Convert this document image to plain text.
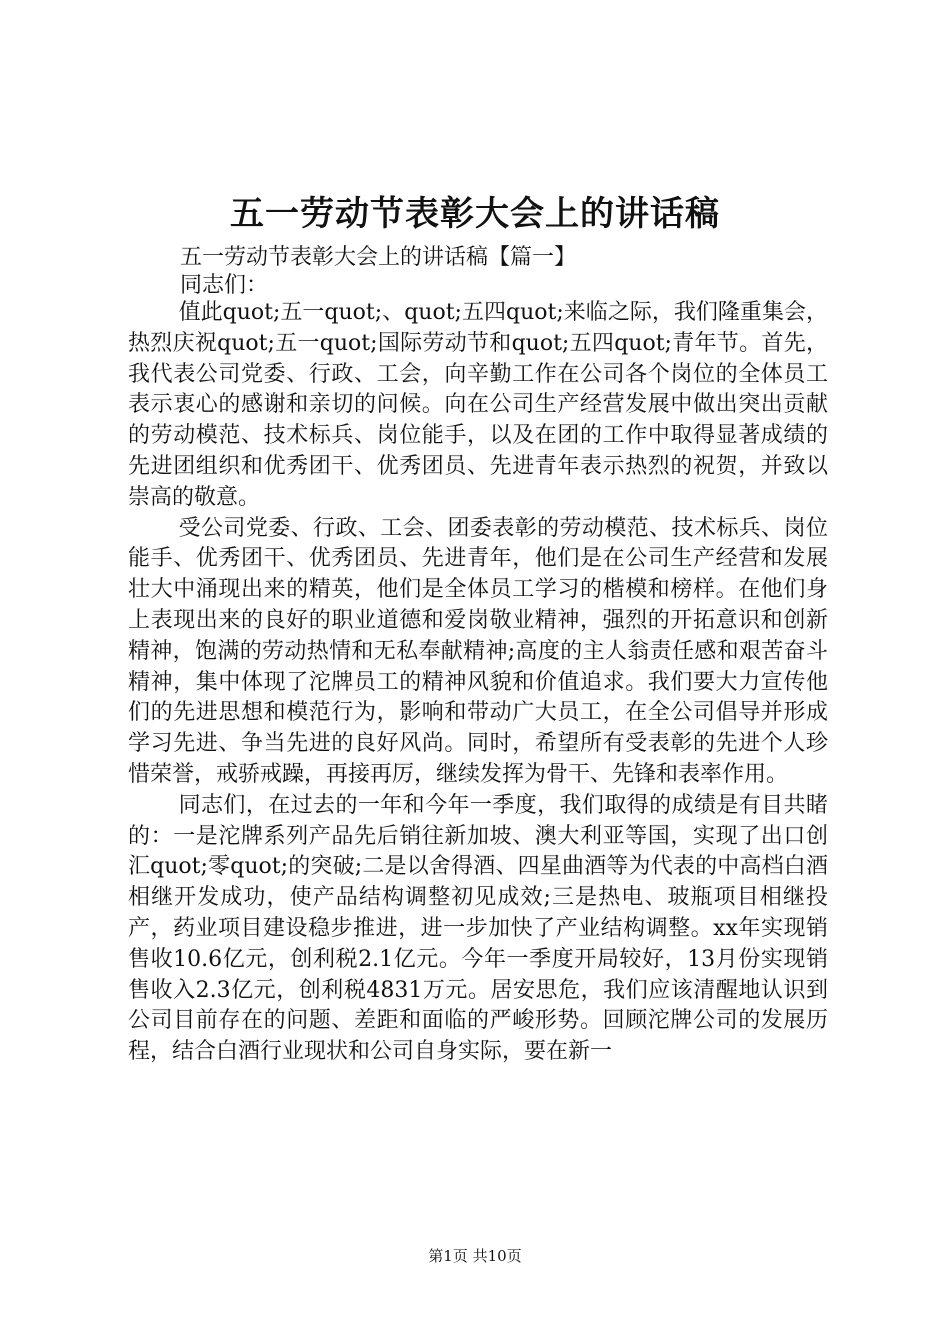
五一劳动节表彰大会上的讲话稿

五一劳动节表彰大会上的讲话稿【篇一】

同志们：

值此quot;五一quot;、quot;五四quot;来临之际，我们隆重集会，热烈庆祝quot;五一quot;国际劳动节和quot;五四quot;青年节。首先，我代表公司党委、行政、工会，向辛勤工作在公司各个岗位的全体员工表示衷心的感谢和亲切的问候。向在公司生产经营发展中做出突出贡献的劳动模范、技术标兵、岗位能手，以及在团的工作中取得显著成绩的先进团组织和优秀团干、优秀团员、先进青年表示热烈的祝贺，并致以崇高的敬意。

受公司党委、行政、工会、团委表彰的劳动模范、技术标兵、岗位能手、优秀团干、优秀团员、先进青年，他们是在公司生产经营和发展壮大中涌现出来的精英，他们是全体员工学习的楷模和榜样。在他们身上表现出来的良好的职业道德和爱岗敬业精神，强烈的开拓意识和创新精神，饱满的劳动热情和无私奉献精神;高度的主人翁责任感和艰苦奋斗精神，集中体现了沱牌员工的精神风貌和价值追求。我们要大力宣传他们的先进思想和模范行为，影响和带动广大员工，在全公司倡导并形成学习先进、争当先进的良好风尚。同时，希望所有受表彰的先进个人珍惜荣誉，戒骄戒躁，再接再厉，继续发挥为骨干、先锋和表率作用。

同志们，在过去的一年和今年一季度，我们取得的成绩是有目共睹的：一是沱牌系列产品先后销往新加坡、澳大利亚等国，实现了出口创汇quot;零quot;的突破;二是以舍得酒、四星曲酒等为代表的中高档白酒相继开发成功，使产品结构调整初见成效;三是热电、玻瓶项目相继投产，药业项目建设稳步推进，进一步加快了产业结构调整。xx年实现销售收10.6亿元，创利税2.1亿元。今年一季度开局较好，13月份实现销售收入2.3亿元，创利税4831万元。居安思危，我们应该清醒地认识到公司目前存在的问题、差距和面临的严峻形势。回顾沱牌公司的发展历程，结合白酒行业现状和公司自身实际，要在新一

第1页 共10页
